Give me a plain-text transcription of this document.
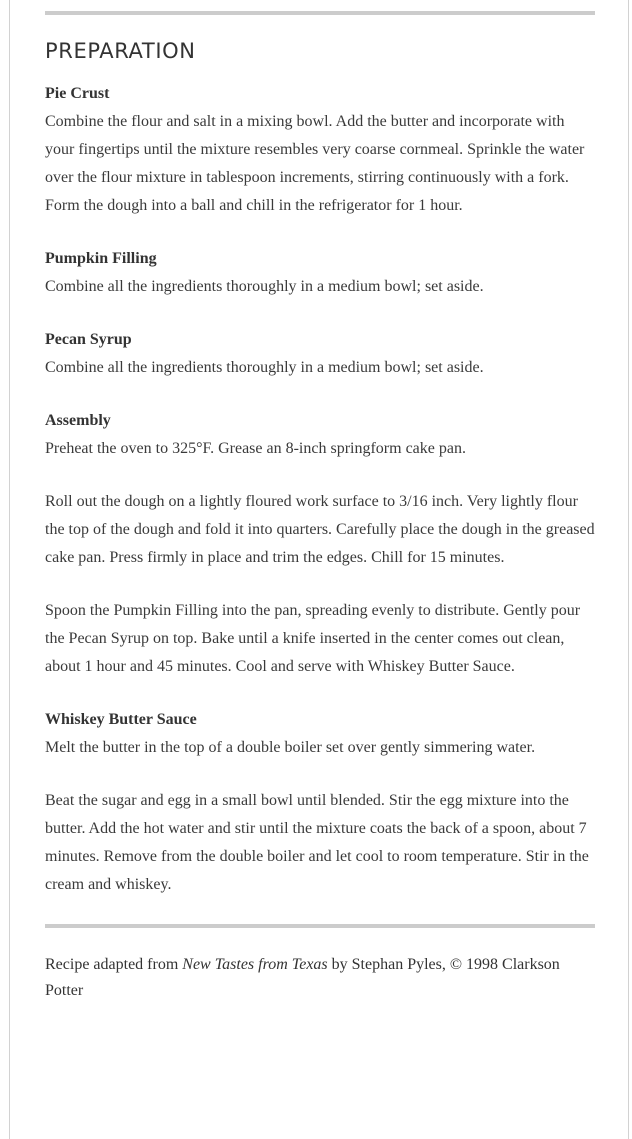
PREPARATION
Pie Crust

Combine the flour and salt in a mixing bowl. Add the butter and incorporate with your fingertips until the mixture resembles very coarse cornmeal. Sprinkle the water over the flour mixture in tablespoon increments, stirring continuously with a fork. Form the dough into a ball and chill in the refrigerator for 1 hour.

Pumpkin Filling

Combine all the ingredients thoroughly in a medium bowl; set aside.

Pecan Syrup

Combine all the ingredients thoroughly in a medium bowl; set aside.

Assembly

Preheat the oven to 325°F. Grease an 8-inch springform cake pan.

Roll out the dough on a lightly floured work surface to 3/16 inch. Very lightly flour the top of the dough and fold it into quarters. Carefully place the dough in the greased cake pan. Press firmly in place and trim the edges. Chill for 15 minutes.

Spoon the Pumpkin Filling into the pan, spreading evenly to distribute. Gently pour the Pecan Syrup on top. Bake until a knife inserted in the center comes out clean, about 1 hour and 45 minutes. Cool and serve with Whiskey Butter Sauce.

Whiskey Butter Sauce

Melt the butter in the top of a double boiler set over gently simmering water.

Beat the sugar and egg in a small bowl until blended. Stir the egg mixture into the butter. Add the hot water and stir until the mixture coats the back of a spoon, about 7 minutes. Remove from the double boiler and let cool to room temperature. Stir in the cream and whiskey.

Recipe adapted from New Tastes from Texas by Stephan Pyles, © 1998 Clarkson Potter
